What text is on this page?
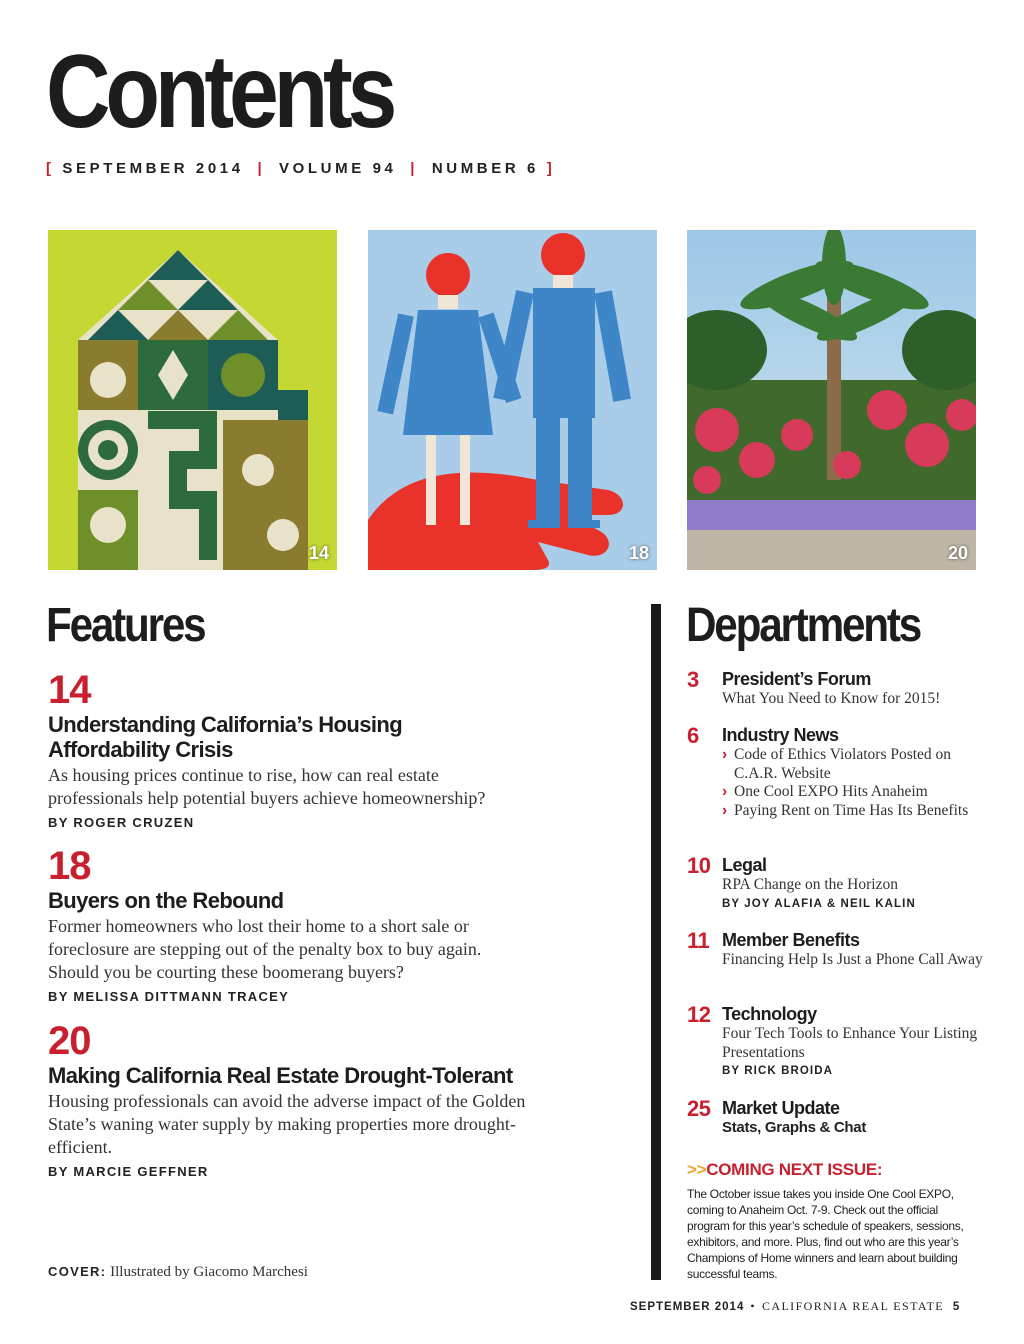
Contents
[ SEPTEMBER 2014 | VOLUME 94 | NUMBER 6 ]
14	18	20
Features	Departments
14
Understanding California’s Housing Affordability Crisis
As housing prices continue to rise, how can real estate professionals help potential buyers achieve homeownership?
BY ROGER CRUZEN
18
Buyers on the Rebound
Former homeowners who lost their home to a short sale or foreclosure are stepping out of the penalty box to buy again. Should you be courting these boomerang buyers?
BY MELISSA DITTMANN TRACEY
20
Making California Real Estate Drought-Tolerant
Housing professionals can avoid the adverse impact of the Golden State’s waning water supply by making properties more drought-efficient.
BY MARCIE GEFFNER
COVER: Illustrated by Giacomo Marchesi
3 President’s Forum
What You Need to Know for 2015!
6 Industry News
› Code of Ethics Violators Posted on C.A.R. Website
› One Cool EXPO Hits Anaheim
› Paying Rent on Time Has Its Benefits
10 Legal
RPA Change on the Horizon
BY JOY ALAFIA & NEIL KALIN
11 Member Benefits
Financing Help Is Just a Phone Call Away
12 Technology
Four Tech Tools to Enhance Your Listing Presentations
BY RICK BROIDA
25 Market Update
Stats, Graphs & Chat
>>COMING NEXT ISSUE:
The October issue takes you inside One Cool EXPO, coming to Anaheim Oct. 7-9. Check out the official program for this year’s schedule of speakers, sessions, exhibitors, and more. Plus, find out who are this year’s Champions of Home winners and learn about building successful teams.
SEPTEMBER 2014 • CALIFORNIA REAL ESTATE 5
